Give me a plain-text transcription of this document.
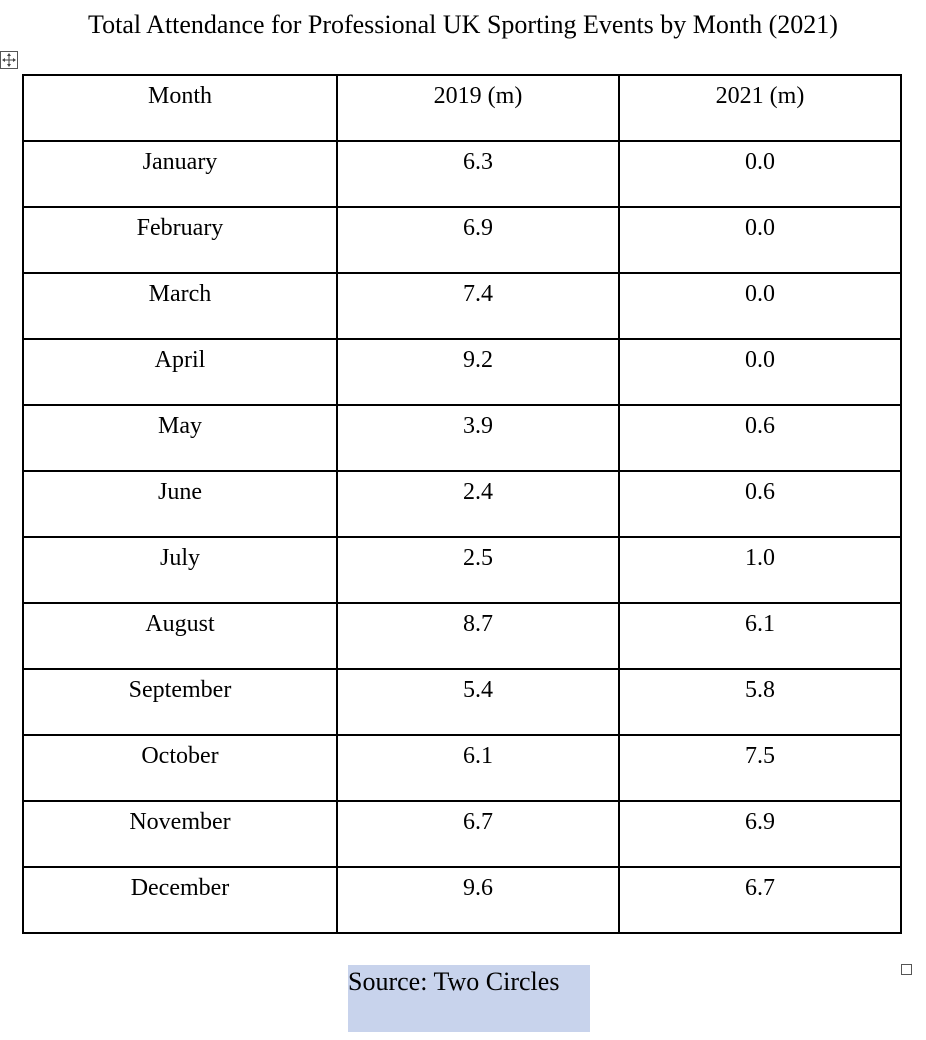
Total Attendance for Professional UK Sporting Events by Month (2021)
Month	2019 (m)	2021 (m)

January	6.3	0.0

February	6.9	0.0

March	7.4	0.0

April	9.2	0.0

May	3.9	0.6

June	2.4	0.6

July	2.5	1.0

August	8.7	6.1

September	5.4	5.8

October	6.1	7.5

November	6.7	6.9

December	9.6	6.7
Source: Two Circles
